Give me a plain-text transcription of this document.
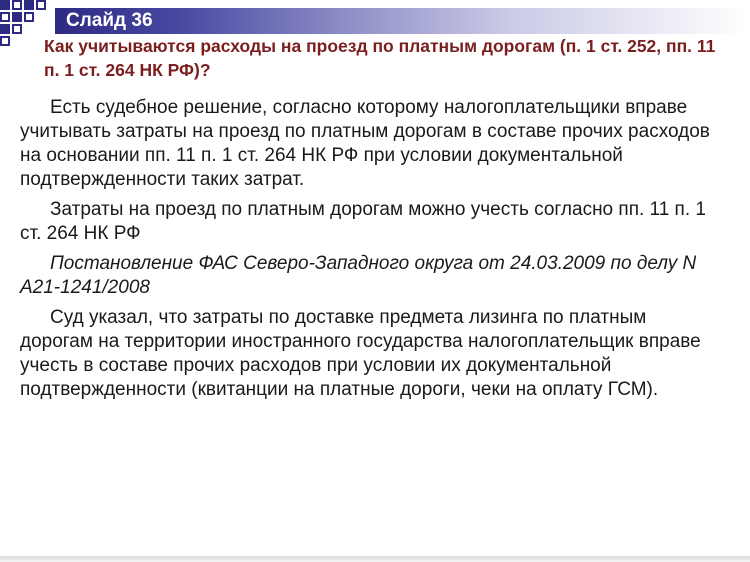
Слайд 36
Как учитываются расходы на проезд по платным дорогам (п. 1 ст. 252, пп. 11 п. 1 ст. 264 НК РФ)?

Есть судебное решение, согласно которому налогоплательщики вправе учитывать затраты на проезд по платным дорогам в составе прочих расходов на основании пп. 11 п. 1 ст. 264 НК РФ при условии документальной подтвержденности таких затрат.

Затраты на проезд по платным дорогам можно учесть согласно пп. 11 п. 1 ст. 264 НК РФ

Постановление ФАС Северо-Западного округа от 24.03.2009 по делу N А21-1241/2008

Суд указал, что затраты по доставке предмета лизинга по платным дорогам на территории иностранного государства налогоплательщик вправе учесть в составе прочих расходов при условии их документальной подтвержденности (квитанции на платные дороги, чеки на оплату ГСМ).
